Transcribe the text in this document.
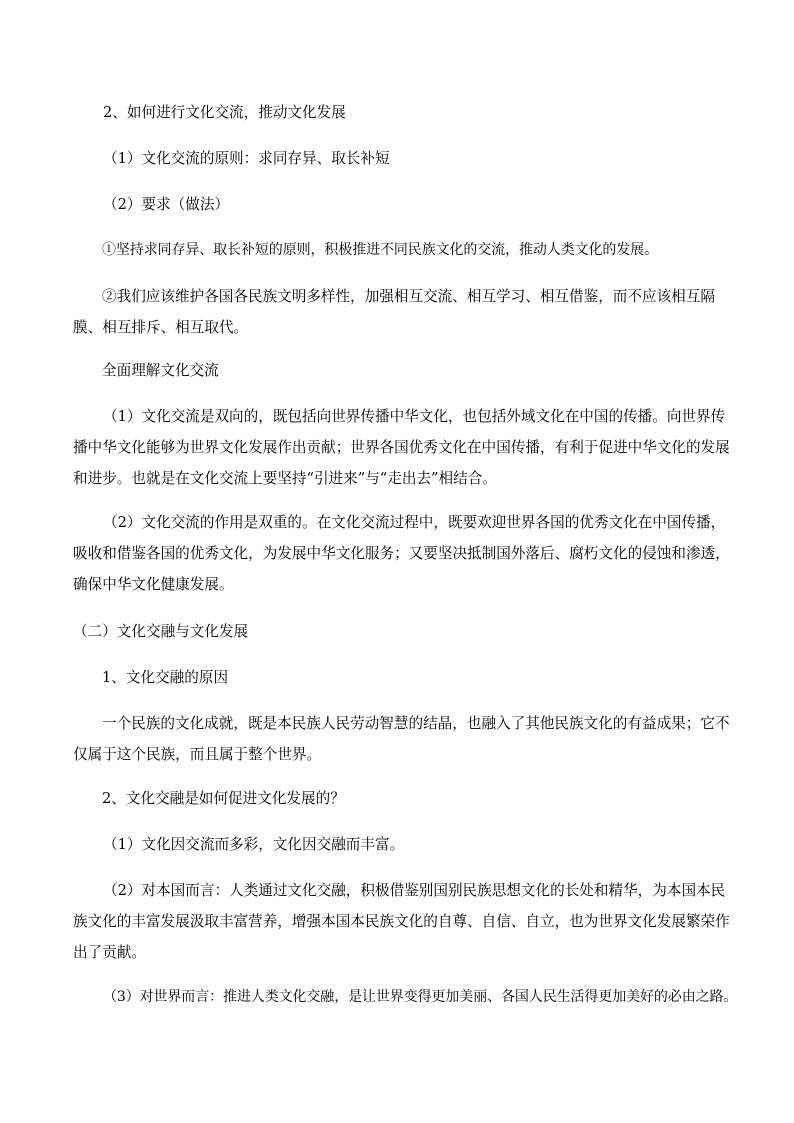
2、如何进行文化交流，推动文化发展

（1）文化交流的原则：求同存异、取长补短

（2）要求（做法）

①坚持求同存异、取长补短的原则，积极推进不同民族文化的交流，推动人类文化的发展。

②我们应该维护各国各民族文明多样性，加强相互交流、相互学习、相互借鉴，而不应该相互隔膜、相互排斥、相互取代。

全面理解文化交流

（1）文化交流是双向的，既包括向世界传播中华文化，也包括外域文化在中国的传播。向世界传播中华文化能够为世界文化发展作出贡献；世界各国优秀文化在中国传播，有利于促进中华文化的发展和进步。也就是在文化交流上要坚持“引进来”与“走出去”相结合。

（2）文化交流的作用是双重的。在文化交流过程中，既要欢迎世界各国的优秀文化在中国传播，吸收和借鉴各国的优秀文化，为发展中华文化服务；又要坚决抵制国外落后、腐朽文化的侵蚀和渗透，确保中华文化健康发展。

（二）文化交融与文化发展

1、文化交融的原因

一个民族的文化成就，既是本民族人民劳动智慧的结晶，也融入了其他民族文化的有益成果；它不仅属于这个民族，而且属于整个世界。

2、文化交融是如何促进文化发展的？

（1）文化因交流而多彩，文化因交融而丰富。

（2）对本国而言：人类通过文化交融，积极借鉴别国别民族思想文化的长处和精华，为本国本民族文化的丰富发展汲取丰富营养，增强本国本民族文化的自尊、自信、自立，也为世界文化发展繁荣作出了贡献。

（3）对世界而言：推进人类文化交融，是让世界变得更加美丽、各国人民生活得更加美好的必由之路。
